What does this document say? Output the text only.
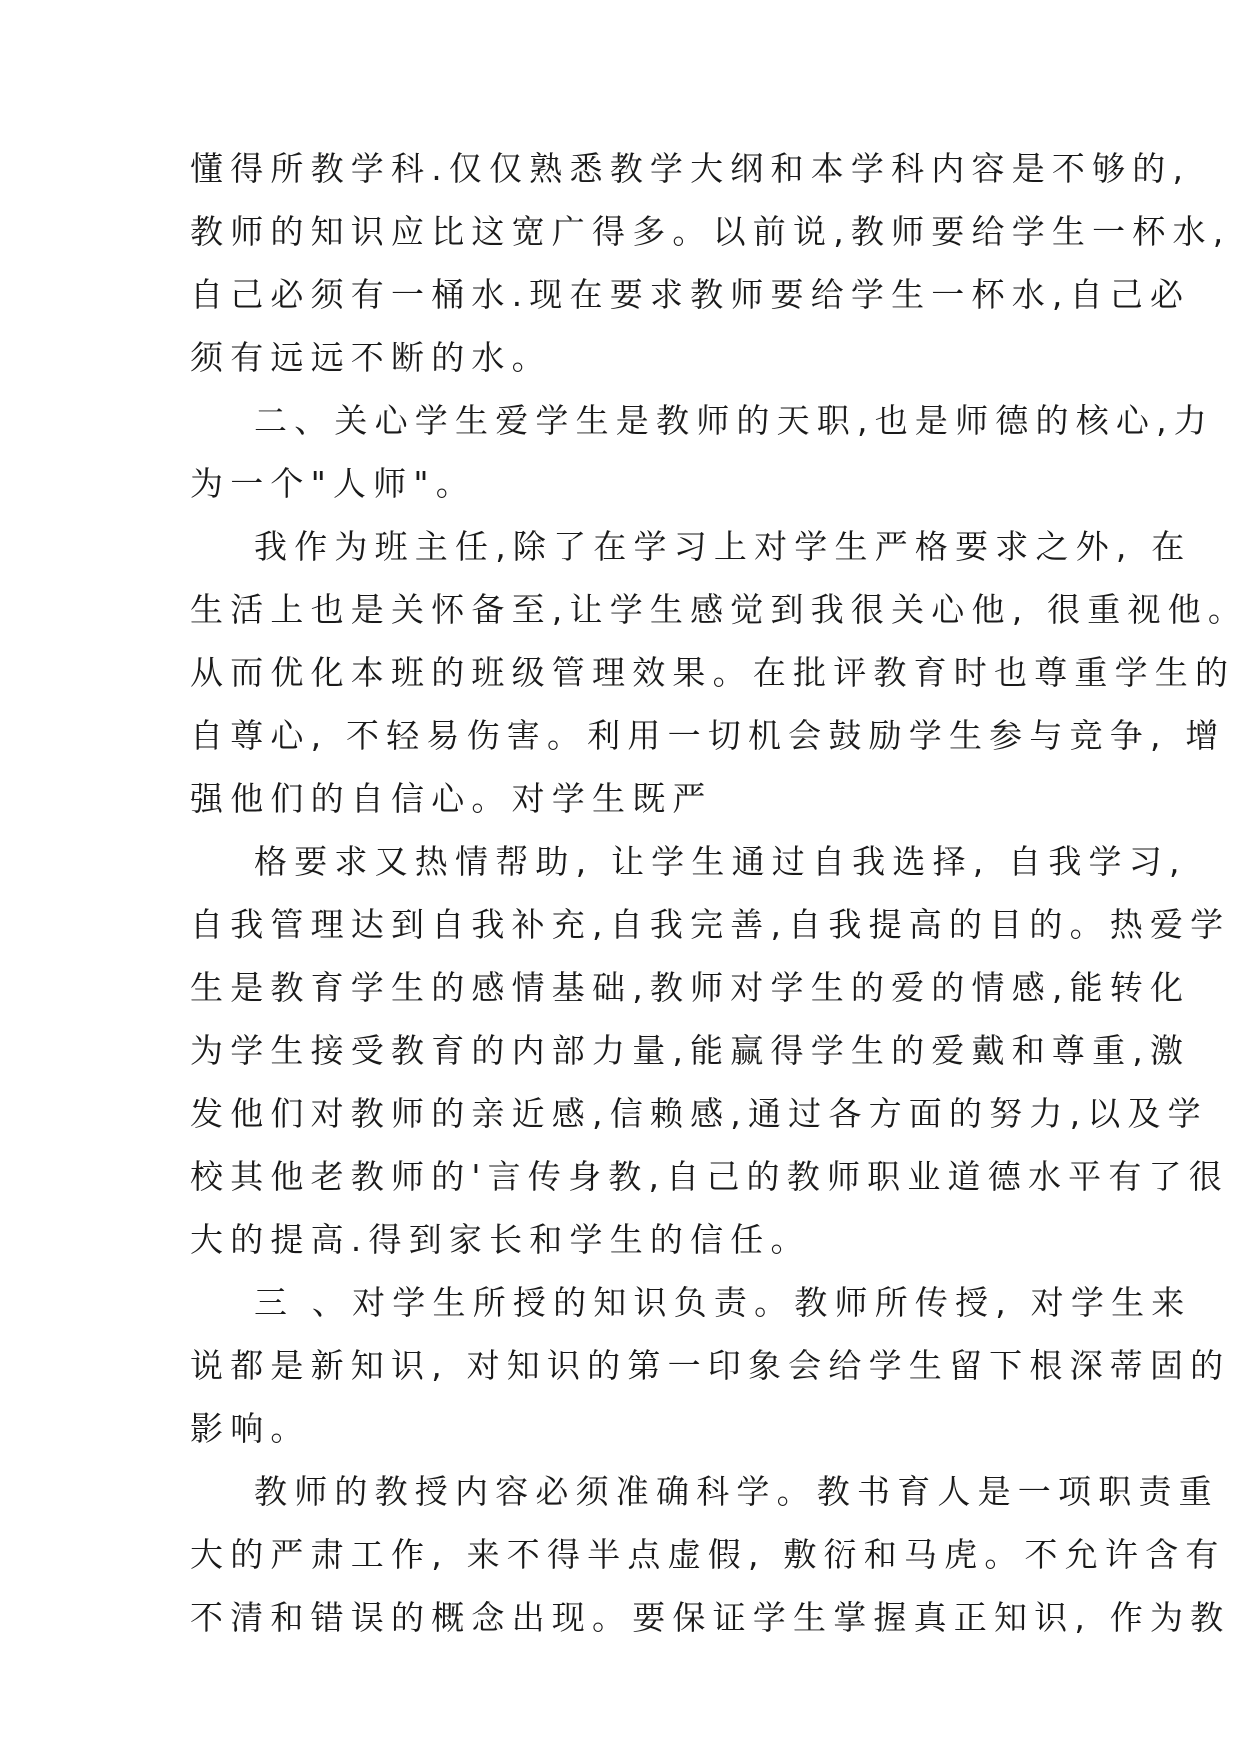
懂得所教学科.仅仅熟悉教学大纲和本学科内容是不够的,
教师的知识应比这宽广得多。以前说,教师要给学生一杯水,
自己必须有一桶水.现在要求教师要给学生一杯水,自己必
须有远远不断的水。
二、关心学生爱学生是教师的天职,也是师德的核心,力
为一个"人师"。
我作为班主任,除了在学习上对学生严格要求之外, 在
生活上也是关怀备至,让学生感觉到我很关心他, 很重视他。
从而优化本班的班级管理效果。在批评教育时也尊重学生的
自尊心, 不轻易伤害。利用一切机会鼓励学生参与竞争, 增
强他们的自信心。对学生既严
格要求又热情帮助, 让学生通过自我选择, 自我学习,
自我管理达到自我补充,自我完善,自我提高的目的。热爱学
生是教育学生的感情基础,教师对学生的爱的情感,能转化
为学生接受教育的内部力量,能赢得学生的爱戴和尊重,激
发他们对教师的亲近感,信赖感,通过各方面的努力,以及学
校其他老教师的'言传身教,自己的教师职业道德水平有了很
大的提高.得到家长和学生的信任。
三 、对学生所授的知识负责。教师所传授, 对学生来
说都是新知识, 对知识的第一印象会给学生留下根深蒂固的
影响。
教师的教授内容必须准确科学。教书育人是一项职责重
大的严肃工作, 来不得半点虚假, 敷衍和马虎。不允许含有
不清和错误的概念出现。要保证学生掌握真正知识, 作为教
